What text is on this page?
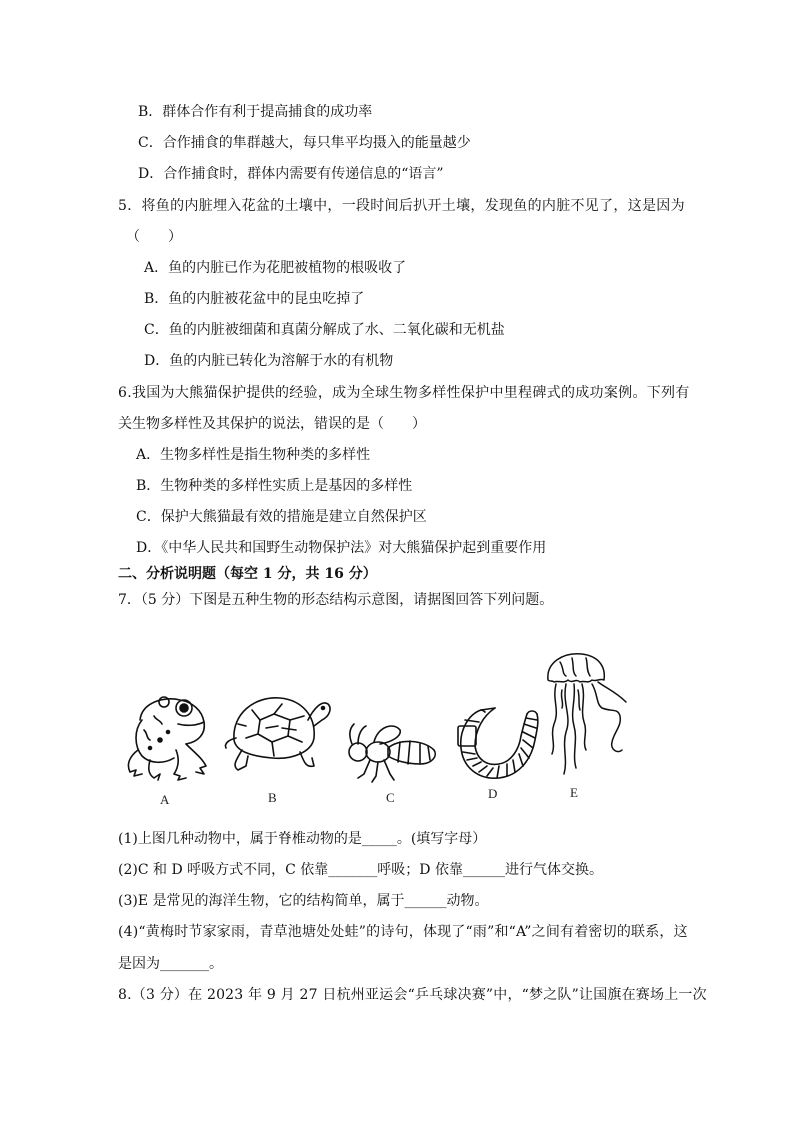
B．群体合作有利于提高捕食的成功率
C．合作捕食的隼群越大，每只隼平均摄入的能量越少
D．合作捕食时，群体内需要有传递信息的“语言”
5．将鱼的内脏埋入花盆的土壤中，一段时间后扒开土壤，发现鱼的内脏不见了，这是因为
（　　）
A．鱼的内脏已作为花肥被植物的根吸收了
B．鱼的内脏被花盆中的昆虫吃掉了
C．鱼的内脏被细菌和真菌分解成了水、二氧化碳和无机盐
D．鱼的内脏已转化为溶解于水的有机物
6.我国为大熊猫保护提供的经验，成为全球生物多样性保护中里程碑式的成功案例。下列有
关生物多样性及其保护的说法，错误的是（　　）
A．生物多样性是指生物种类的多样性
B．生物种类的多样性实质上是基因的多样性
C．保护大熊猫最有效的措施是建立自然保护区
D．《中华人民共和国野生动物保护法》对大熊猫保护起到重要作用
二、分析说明题（每空 1 分，共 16 分）
7．（5 分）下图是五种生物的形态结构示意图，请据图回答下列问题。
A	B	C	D	E
(1)上图几种动物中，属于脊椎动物的是_____。(填写字母）
(2)C 和 D 呼吸方式不同，C 依靠_______呼吸；D 依靠______进行气体交换。
(3)E 是常见的海洋生物，它的结构简单，属于______动物。
(4)“黄梅时节家家雨，青草池塘处处蛙”的诗句，体现了“雨”和“A”之间有着密切的联系，这
是因为_______。
8.（3 分）在 2023 年 9 月 27 日杭州亚运会“乒乓球决赛”中，“梦之队”让国旗在赛场上一次
